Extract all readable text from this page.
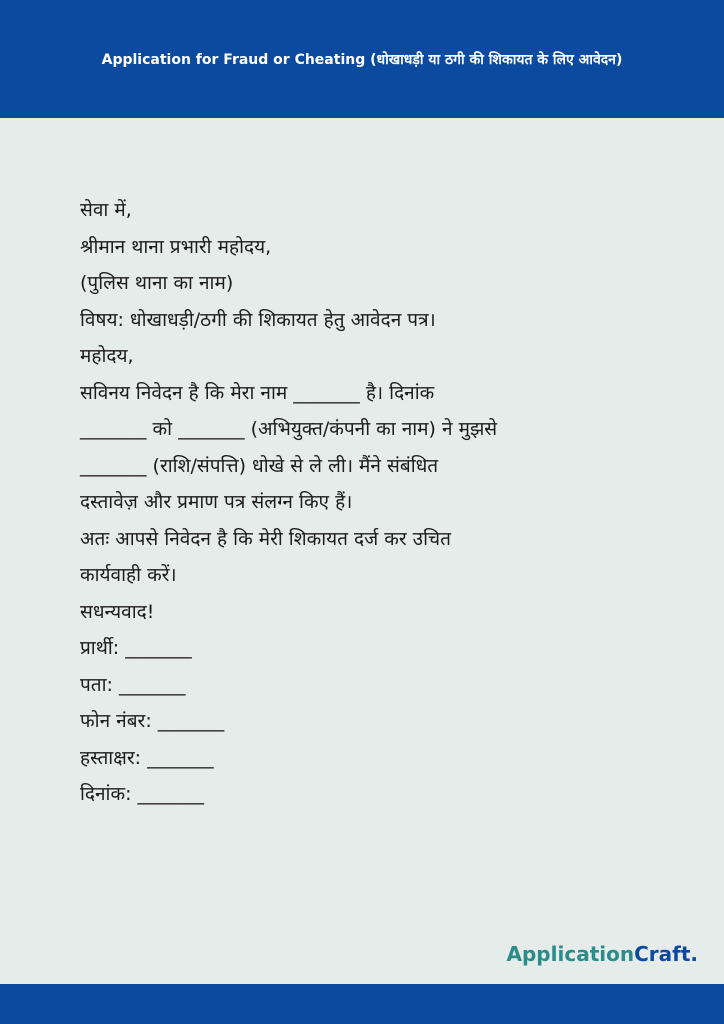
Application for Fraud or Cheating (धोखाधड़ी या ठगी की शिकायत के लिए आवेदन)
सेवा में,
श्रीमान थाना प्रभारी महोदय,
(पुलिस थाना का नाम)
विषय: धोखाधड़ी/ठगी की शिकायत हेतु आवेदन पत्र।
महोदय,
सविनय निवेदन है कि मेरा नाम _______ है। दिनांक
_______ को _______ (अभियुक्त/कंपनी का नाम) ने मुझसे
_______ (राशि/संपत्ति) धोखे से ले ली। मैंने संबंधित
दस्तावेज़ और प्रमाण पत्र संलग्न किए हैं।
अतः आपसे निवेदन है कि मेरी शिकायत दर्ज कर उचित
कार्यवाही करें।
सधन्यवाद!
प्रार्थी: _______
पता: _______
फोन नंबर: _______
हस्ताक्षर: _______
दिनांक: _______
ApplicationCraft.
